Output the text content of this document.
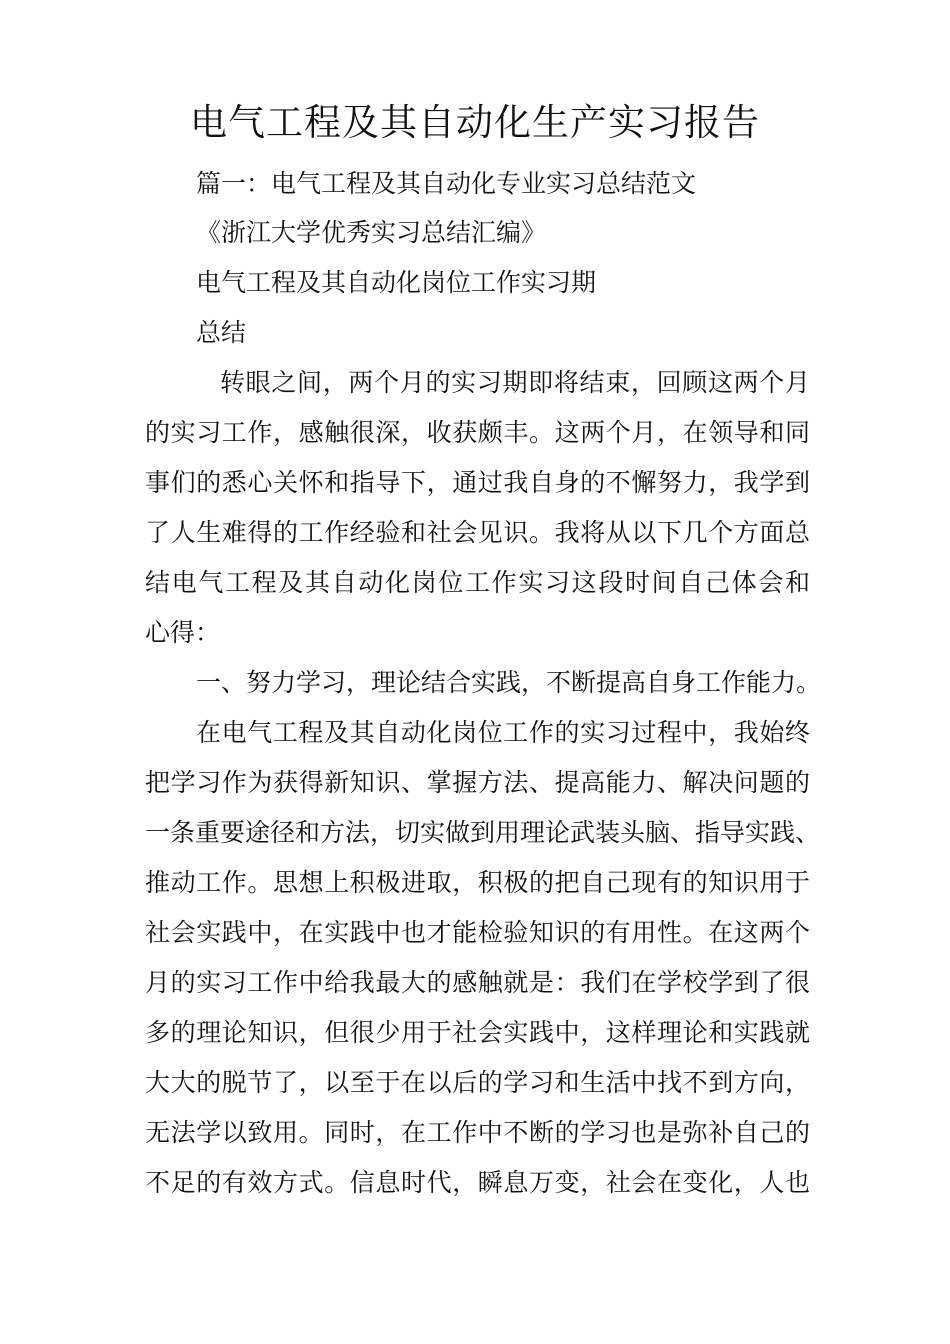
电气工程及其自动化生产实习报告
篇一：电气工程及其自动化专业实习总结范文
《浙江大学优秀实习总结汇编》
电气工程及其自动化岗位工作实习期
总结
转眼之间，两个月的实习期即将结束，回顾这两个月
的实习工作，感触很深，收获颇丰。这两个月，在领导和同
事们的悉心关怀和指导下，通过我自身的不懈努力，我学到
了人生难得的工作经验和社会见识。我将从以下几个方面总
结电气工程及其自动化岗位工作实习这段时间自己体会和
心得：
一、努力学习，理论结合实践，不断提高自身工作能力。
在电气工程及其自动化岗位工作的实习过程中，我始终
把学习作为获得新知识、掌握方法、提高能力、解决问题的
一条重要途径和方法，切实做到用理论武装头脑、指导实践、
推动工作。思想上积极进取，积极的把自己现有的知识用于
社会实践中，在实践中也才能检验知识的有用性。在这两个
月的实习工作中给我最大的感触就是：我们在学校学到了很
多的理论知识，但很少用于社会实践中，这样理论和实践就
大大的脱节了，以至于在以后的学习和生活中找不到方向，
无法学以致用。同时，在工作中不断的学习也是弥补自己的
不足的有效方式。信息时代，瞬息万变，社会在变化，人也
